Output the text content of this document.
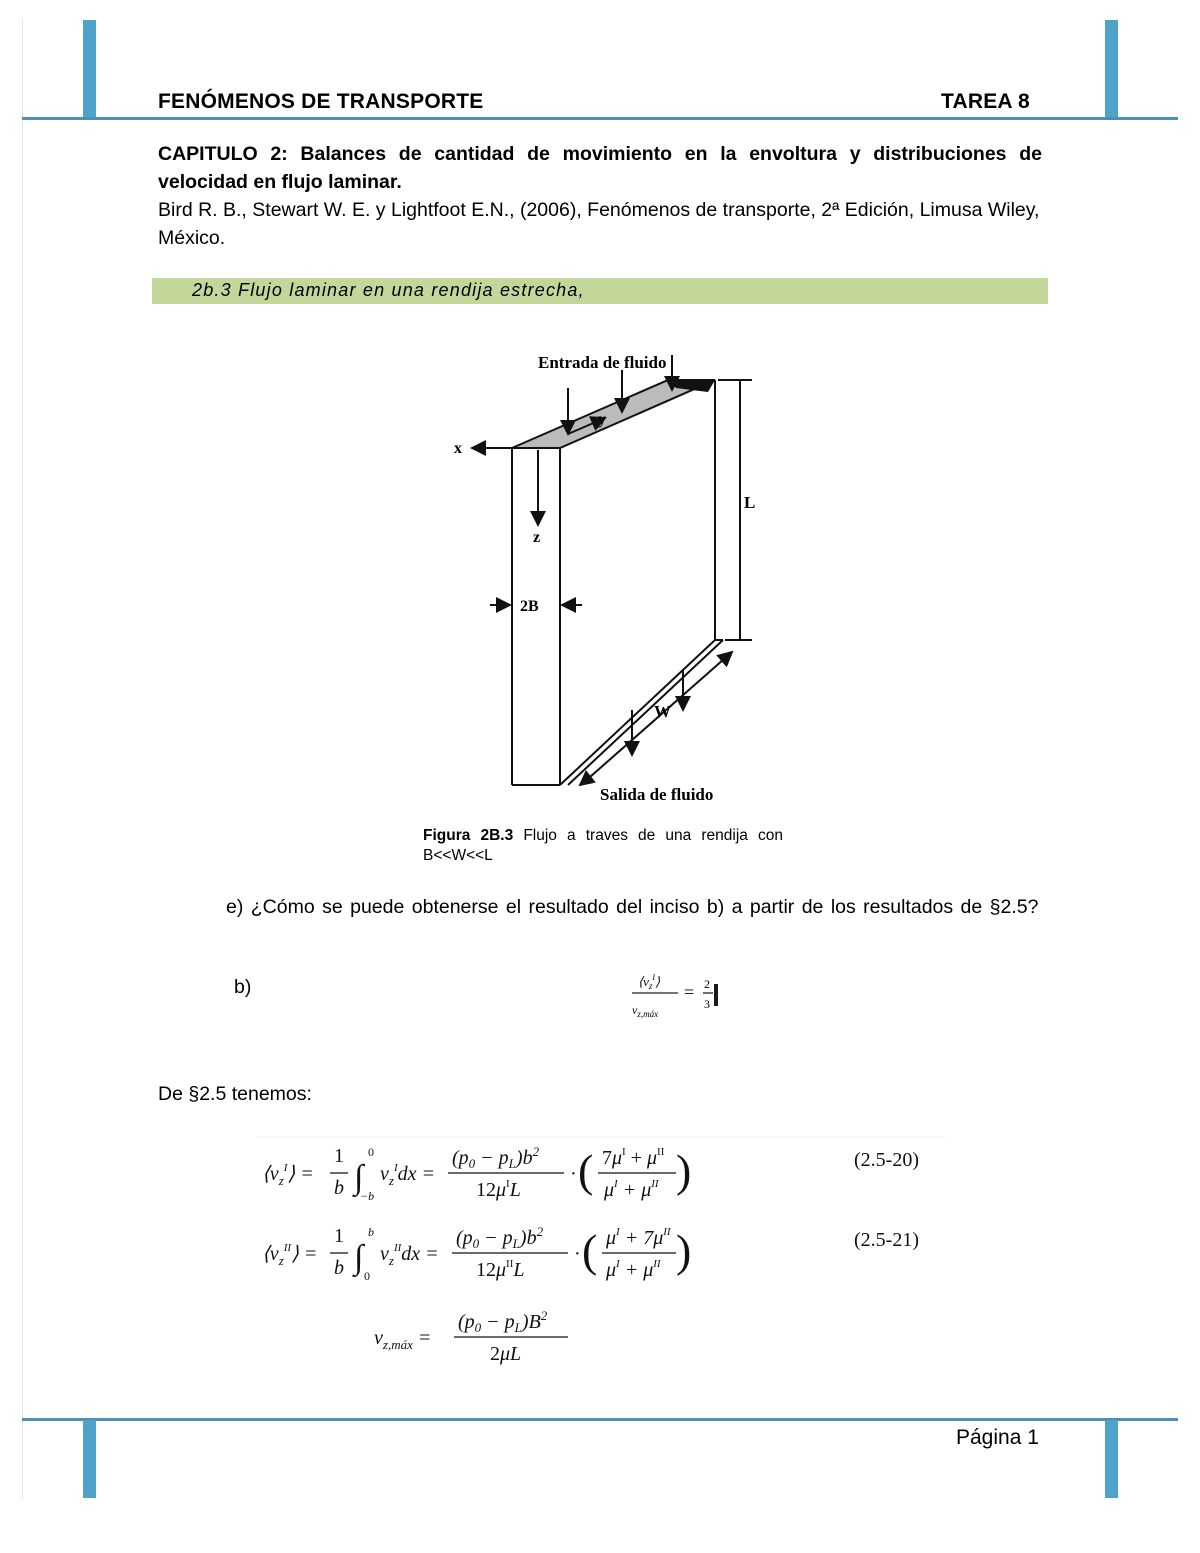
FENÓMENOS DE TRANSPORTE	TAREA 8
CAPITULO 2: Balances de cantidad de movimiento en la envoltura y distribuciones de velocidad en flujo laminar.
Bird R. B., Stewart W. E. y Lightfoot E.N., (2006), Fenómenos de transporte, 2ª Edición, Limusa Wiley, México.
2b.3 Flujo laminar en una rendija estrecha,
Entrada de fluido
Salida de fluido
x
y
z
L
W
2B
Figura 2B.3 Flujo a traves de una rendija con B<<W<<L
e) ¿Cómo se puede obtenerse el resultado del inciso b) a partir de los resultados de §2.5?
b)	$⟨v_z^I⟩$
$v_{z,máx}$
= 2
3
De §2.5 tenemos:
$⟨v_z^I⟩$ =
1
b ∫
0
−b
$v_z^Idx$ =
$(p_0 - p_L)b^2$
$12\mu^IL$
· ( $7\mu^I + \mu^{II}$
$\mu^I + \mu^{II}$ )	(2.5-20)
$⟨v_z^{II}⟩$ =
1
b ∫
b
0
$v_z^{II}dx$ =
$(p_0 - p_L)b^2$
$12\mu^{II}L$
· ( $\mu^I + 7\mu^{II}$
$\mu^I + \mu^{II}$ )	(2.5-21)
$v_{z,máx}$ =
$(p_0 - p_L)B^2$
2μL
Página 1
